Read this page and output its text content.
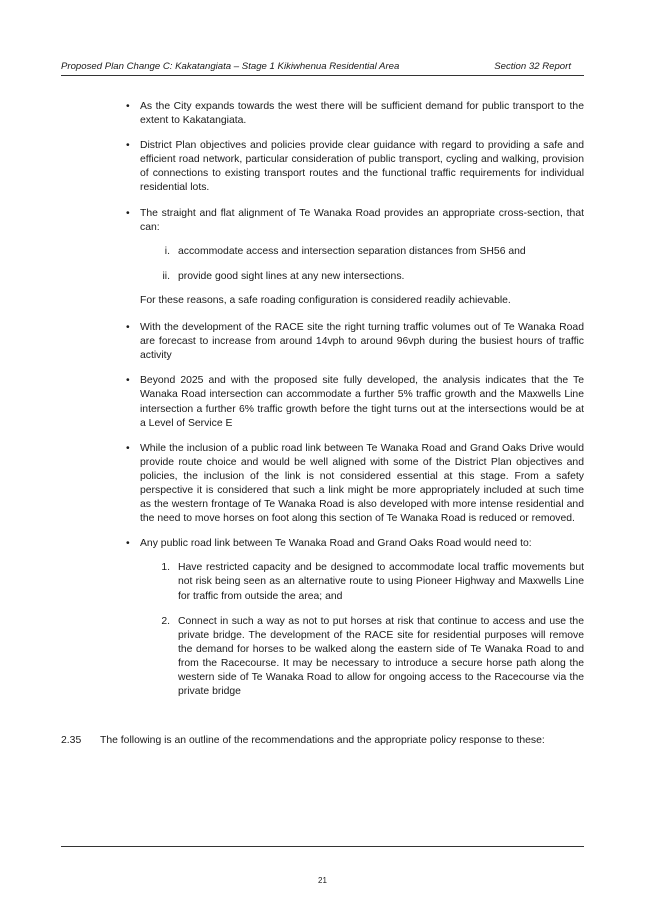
Proposed Plan Change C: Kakatangiata – Stage 1 Kikiwhenua Residential Area	Section 32 Report
• As the City expands towards the west there will be sufficient demand for public transport to the extent to Kakatangiata.
• District Plan objectives and policies provide clear guidance with regard to providing a safe and efficient road network, particular consideration of public transport, cycling and walking, provision of connections to existing transport routes and the functional traffic requirements for individual residential lots.
• The straight and flat alignment of Te Wanaka Road provides an appropriate cross-section, that can:
i. accommodate access and intersection separation distances from SH56 and
ii. provide good sight lines at any new intersections.
For these reasons, a safe roading configuration is considered readily achievable.
• With the development of the RACE site the right turning traffic volumes out of Te Wanaka Road are forecast to increase from around 14vph to around 96vph during the busiest hours of traffic activity
• Beyond 2025 and with the proposed site fully developed, the analysis indicates that the Te Wanaka Road intersection can accommodate a further 5% traffic growth and the Maxwells Line intersection a further 6% traffic growth before the tight turns out at the intersections would be at a Level of Service E
• While the inclusion of a public road link between Te Wanaka Road and Grand Oaks Drive would provide route choice and would be well aligned with some of the District Plan objectives and policies, the inclusion of the link is not considered essential at this stage. From a safety perspective it is considered that such a link might be more appropriately included at such time as the western frontage of Te Wanaka Road is also developed with more intense residential and the need to move horses on foot along this section of Te Wanaka Road is reduced or removed.
• Any public road link between Te Wanaka Road and Grand Oaks Road would need to:
1. Have restricted capacity and be designed to accommodate local traffic movements but not risk being seen as an alternative route to using Pioneer Highway and Maxwells Line for traffic from outside the area; and
2. Connect in such a way as not to put horses at risk that continue to access and use the private bridge. The development of the RACE site for residential purposes will remove the demand for horses to be walked along the eastern side of Te Wanaka Road to and from the Racecourse. It may be necessary to introduce a secure horse path along the western side of Te Wanaka Road to allow for ongoing access to the Racecourse via the private bridge
2.35	The following is an outline of the recommendations and the appropriate policy response to these:
21
